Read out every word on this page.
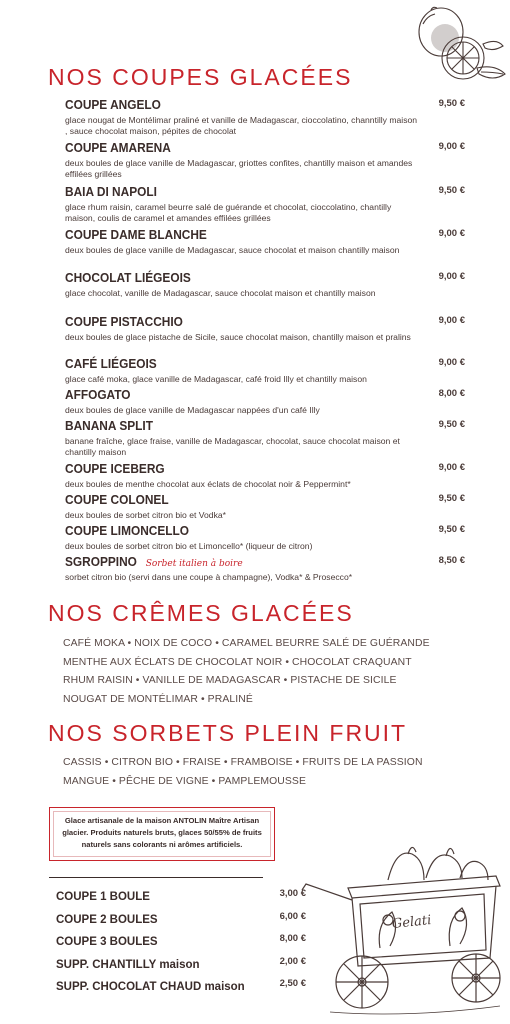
NOS COUPES GLACÉES
COUPE ANGELO
glace nougat de Montélimar praliné et vanille de Madagascar, cioccolatino, channtilly maison , sauce chocolat maison, pépites de chocolat
9,50 €
COUPE AMARENA
deux boules de glace vanille de Madagascar, griottes confites, chantilly maison et amandes effilées grillées
9,00 €
BAIA DI NAPOLI
glace rhum raisin, caramel beurre salé de guérande et chocolat, cioccolatino, chantilly maison, coulis de caramel et amandes effilées grillées
9,50 €
COUPE DAME BLANCHE
deux boules de glace vanille de Madagascar, sauce chocolat et maison chantilly maison
9,00 €
CHOCOLAT LIÉGEOIS
glace chocolat, vanille de Madagascar, sauce chocolat maison et chantilly maison
9,00 €
COUPE PISTACCHIO
deux boules de glace pistache de Sicile, sauce chocolat maison, chantilly maison et pralins
9,00 €
CAFÉ LIÉGEOIS
glace café moka, glace vanille de Madagascar, café froid Illy et chantilly maison
9,00 €
AFFOGATO
deux boules de glace vanille de Madagascar nappées d'un café Illy
8,00 €
BANANA SPLIT
banane fraîche, glace fraise, vanille de Madagascar, chocolat, sauce chocolat maison et chantilly maison
9,50 €
COUPE ICEBERG
deux boules de menthe chocolat aux éclats de chocolat noir & Peppermint*
9,00 €
COUPE COLONEL
deux boules de sorbet citron bio et Vodka*
9,50 €
COUPE LIMONCELLO
deux boules de sorbet citron bio et Limoncello* (liqueur de citron)
9,50 €
SGROPPINO Sorbet italien à boire
sorbet citron bio (servi dans une coupe à champagne), Vodka* & Prosecco*
8,50 €
NOS CRÊMES GLACÉES
CAFÉ MOKA • NOIX DE COCO • CARAMEL BEURRE SALÉ DE GUÉRANDE
MENTHE AUX ÉCLATS DE CHOCOLAT NOIR • CHOCOLAT CRAQUANT
RHUM RAISIN • VANILLE DE MADAGASCAR • PISTACHE DE SICILE
NOUGAT DE MONTÉLIMAR • PRALINÉ
NOS SORBETS PLEIN FRUIT
CASSIS • CITRON BIO • FRAISE • FRAMBOISE • FRUITS DE LA PASSION
MANGUE • PÊCHE DE VIGNE • PAMPLEMOUSSE
Glace artisanale de la maison ANTOLIN Maître Artisan glacier. Produits naturels bruts, glaces 50/55% de fruits naturels sans colorants ni arômes artificiels.
COUPE 1 BOULE	3,00 €
COUPE 2 BOULES	6,00 €
COUPE 3 BOULES	8,00 €
SUPP. CHANTILLY maison	2,00 €
SUPP. CHOCOLAT CHAUD maison	2,50 €
Gelati
